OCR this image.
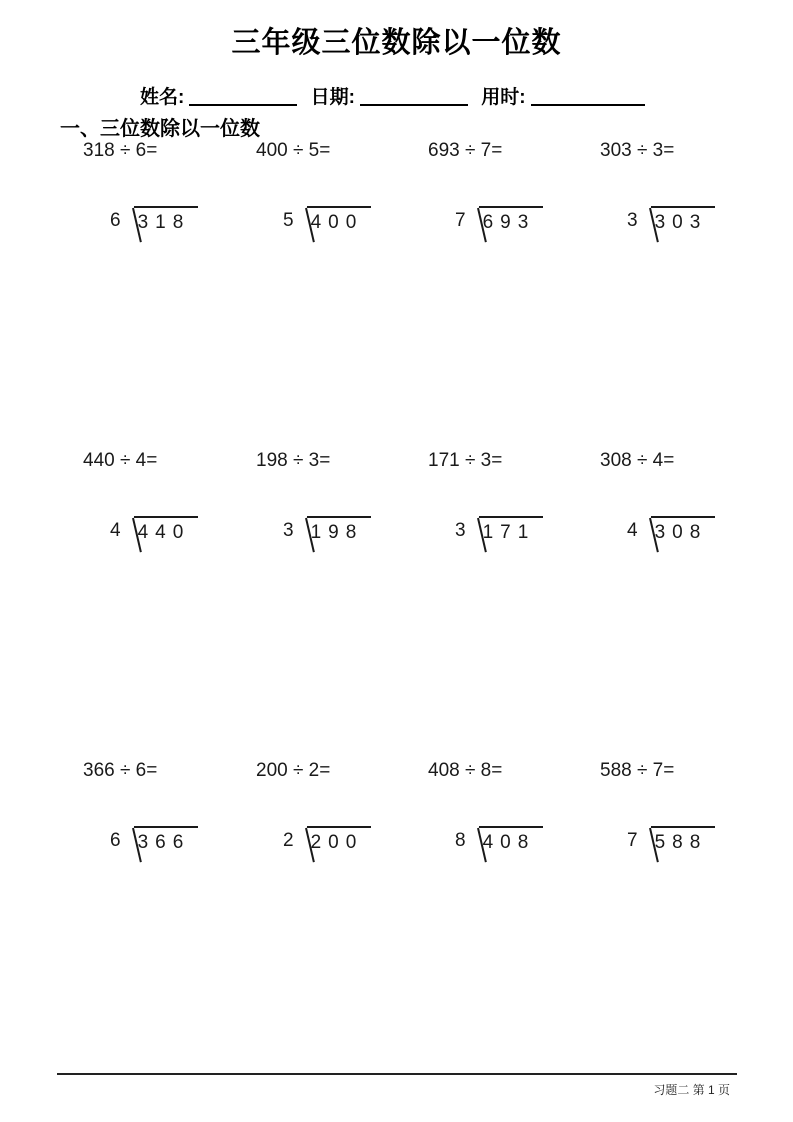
三年级三位数除以一位数
姓名:	日期:	用时:
一、三位数除以一位数
318 ÷ 6=
6 318
400 ÷ 5=
5 400
693 ÷ 7=
7 693
303 ÷ 3=
3 303
440 ÷ 4=
4 440
198 ÷ 3=
3 198
171 ÷ 3=
3 171
308 ÷ 4=
4 308
366 ÷ 6=
6 366
200 ÷ 2=
2 200
408 ÷ 8=
8 408
588 ÷ 7=
7 588
习题二 第 1 页
